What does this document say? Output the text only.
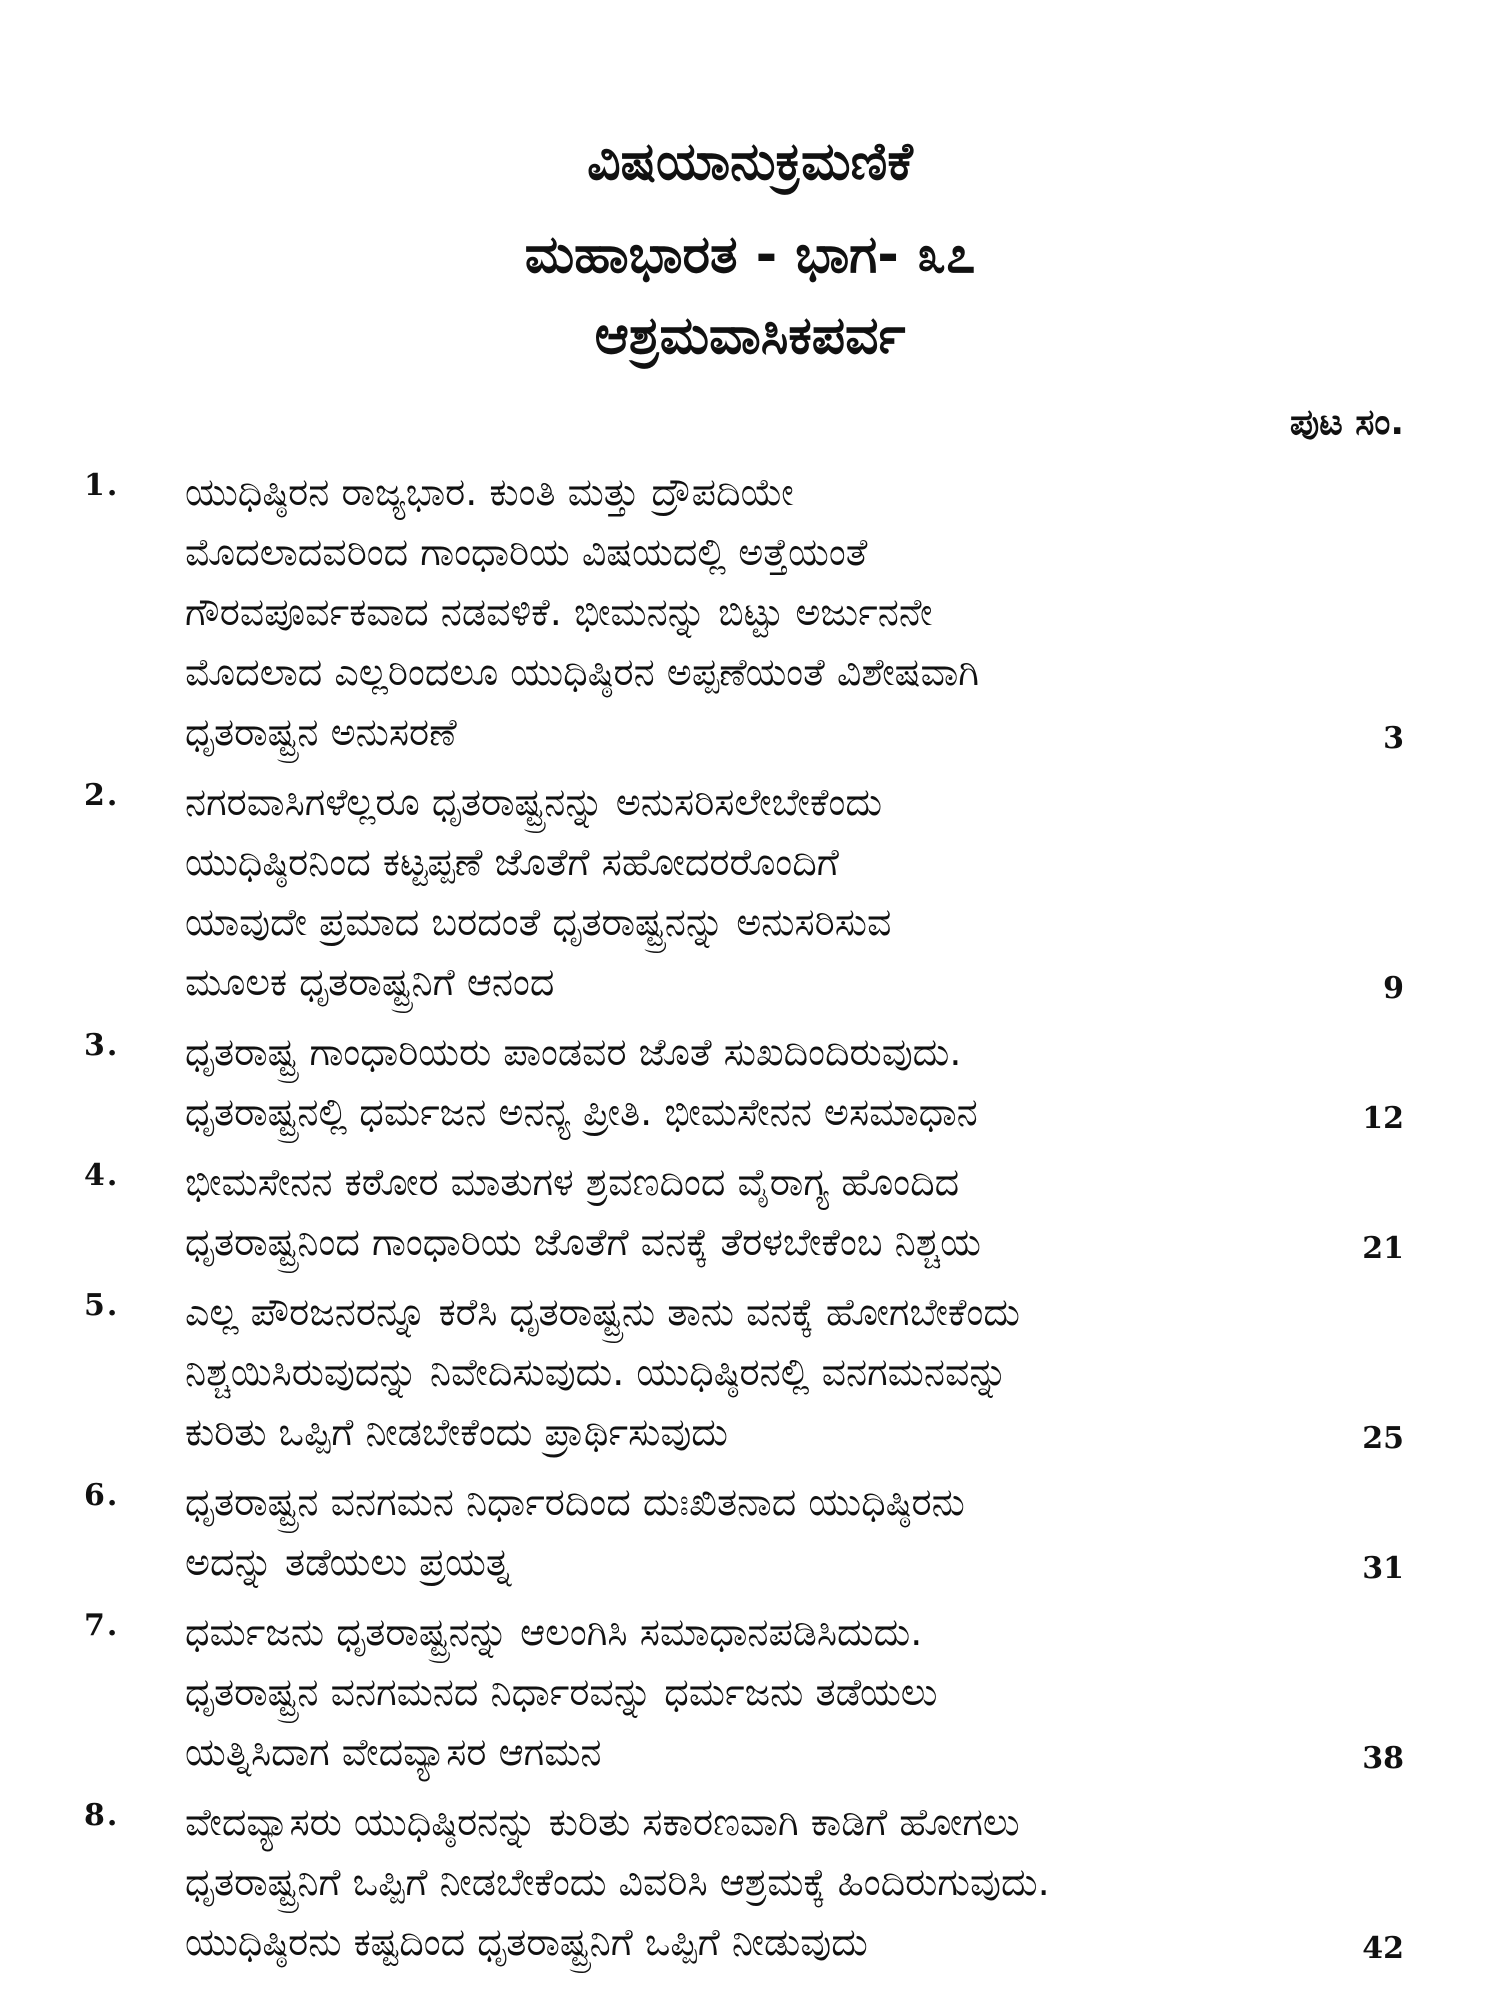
ವಿಷಯಾನುಕ್ರಮಣಿಕೆ
ಮಹಾಭಾರತ - ಭಾಗ- ೩೭
ಆಶ್ರಮವಾಸಿಕಪರ್ವ
ಪುಟ ಸಂ.
1. ಯುಧಿಷ್ಠಿರನ ರಾಜ್ಯಭಾರ. ಕುಂತಿ ಮತ್ತು ದ್ರೌಪದಿಯೇ
ಮೊದಲಾದವರಿಂದ ಗಾಂಧಾರಿಯ ವಿಷಯದಲ್ಲಿ ಅತ್ತೆಯಂತೆ
ಗೌರವಪೂರ್ವಕವಾದ ನಡವಳಿಕೆ. ಭೀಮನನ್ನು ಬಿಟ್ಟು ಅರ್ಜುನನೇ
ಮೊದಲಾದ ಎಲ್ಲರಿಂದಲೂ ಯುಧಿಷ್ಠಿರನ ಅಪ್ಪಣೆಯಂತೆ ವಿಶೇಷವಾಗಿ
ಧೃತರಾಷ್ಟ್ರನ ಅನುಸರಣೆ	3
2. ನಗರವಾಸಿಗಳೆಲ್ಲರೂ ಧೃತರಾಷ್ಟ್ರನನ್ನು ಅನುಸರಿಸಲೇಬೇಕೆಂದು
ಯುಧಿಷ್ಠಿರನಿಂದ ಕಟ್ಟಪ್ಪಣೆ ಜೊತೆಗೆ ಸಹೋದರರೊಂದಿಗೆ
ಯಾವುದೇ ಪ್ರಮಾದ ಬರದಂತೆ ಧೃತರಾಷ್ಟ್ರನನ್ನು ಅನುಸರಿಸುವ
ಮೂಲಕ ಧೃತರಾಷ್ಟ್ರನಿಗೆ ಆನಂದ	9
3. ಧೃತರಾಷ್ಟ್ರ ಗಾಂಧಾರಿಯರು ಪಾಂಡವರ ಜೊತೆ ಸುಖದಿಂದಿರುವುದು.
ಧೃತರಾಷ್ಟ್ರನಲ್ಲಿ ಧರ್ಮಜನ ಅನನ್ಯ ಪ್ರೀತಿ. ಭೀಮಸೇನನ ಅಸಮಾಧಾನ	12
4. ಭೀಮಸೇನನ ಕಠೋರ ಮಾತುಗಳ ಶ್ರವಣದಿಂದ ವೈರಾಗ್ಯ ಹೊಂದಿದ
ಧೃತರಾಷ್ಟ್ರನಿಂದ ಗಾಂಧಾರಿಯ ಜೊತೆಗೆ ವನಕ್ಕೆ ತೆರಳಬೇಕೆಂಬ ನಿಶ್ಚಯ	21
5. ಎಲ್ಲ ಪೌರಜನರನ್ನೂ ಕರೆಸಿ ಧೃತರಾಷ್ಟ್ರನು ತಾನು ವನಕ್ಕೆ ಹೋಗಬೇಕೆಂದು
ನಿಶ್ಚಯಿಸಿರುವುದನ್ನು ನಿವೇದಿಸುವುದು. ಯುಧಿಷ್ಠಿರನಲ್ಲಿ ವನಗಮನವನ್ನು
ಕುರಿತು ಒಪ್ಪಿಗೆ ನೀಡಬೇಕೆಂದು ಪ್ರಾರ್ಥಿಸುವುದು	25
6. ಧೃತರಾಷ್ಟ್ರನ ವನಗಮನ ನಿರ್ಧಾರದಿಂದ ದುಃಖಿತನಾದ ಯುಧಿಷ್ಠಿರನು
ಅದನ್ನು ತಡೆಯಲು ಪ್ರಯತ್ನ	31
7. ಧರ್ಮಜನು ಧೃತರಾಷ್ಟ್ರನನ್ನು ಆಲಂಗಿಸಿ ಸಮಾಧಾನಪಡಿಸಿದುದು.
ಧೃತರಾಷ್ಟ್ರನ ವನಗಮನದ ನಿರ್ಧಾರವನ್ನು ಧರ್ಮಜನು ತಡೆಯಲು
ಯತ್ನಿಸಿದಾಗ ವೇದವ್ಯಾಸರ ಆಗಮನ	38
8. ವೇದವ್ಯಾಸರು ಯುಧಿಷ್ಠಿರನನ್ನು ಕುರಿತು ಸಕಾರಣವಾಗಿ ಕಾಡಿಗೆ ಹೋಗಲು
ಧೃತರಾಷ್ಟ್ರನಿಗೆ ಒಪ್ಪಿಗೆ ನೀಡಬೇಕೆಂದು ವಿವರಿಸಿ ಆಶ್ರಮಕ್ಕೆ ಹಿಂದಿರುಗುವುದು.
ಯುಧಿಷ್ಠಿರನು ಕಷ್ಟದಿಂದ ಧೃತರಾಷ್ಟ್ರನಿಗೆ ಒಪ್ಪಿಗೆ ನೀಡುವುದು	42
